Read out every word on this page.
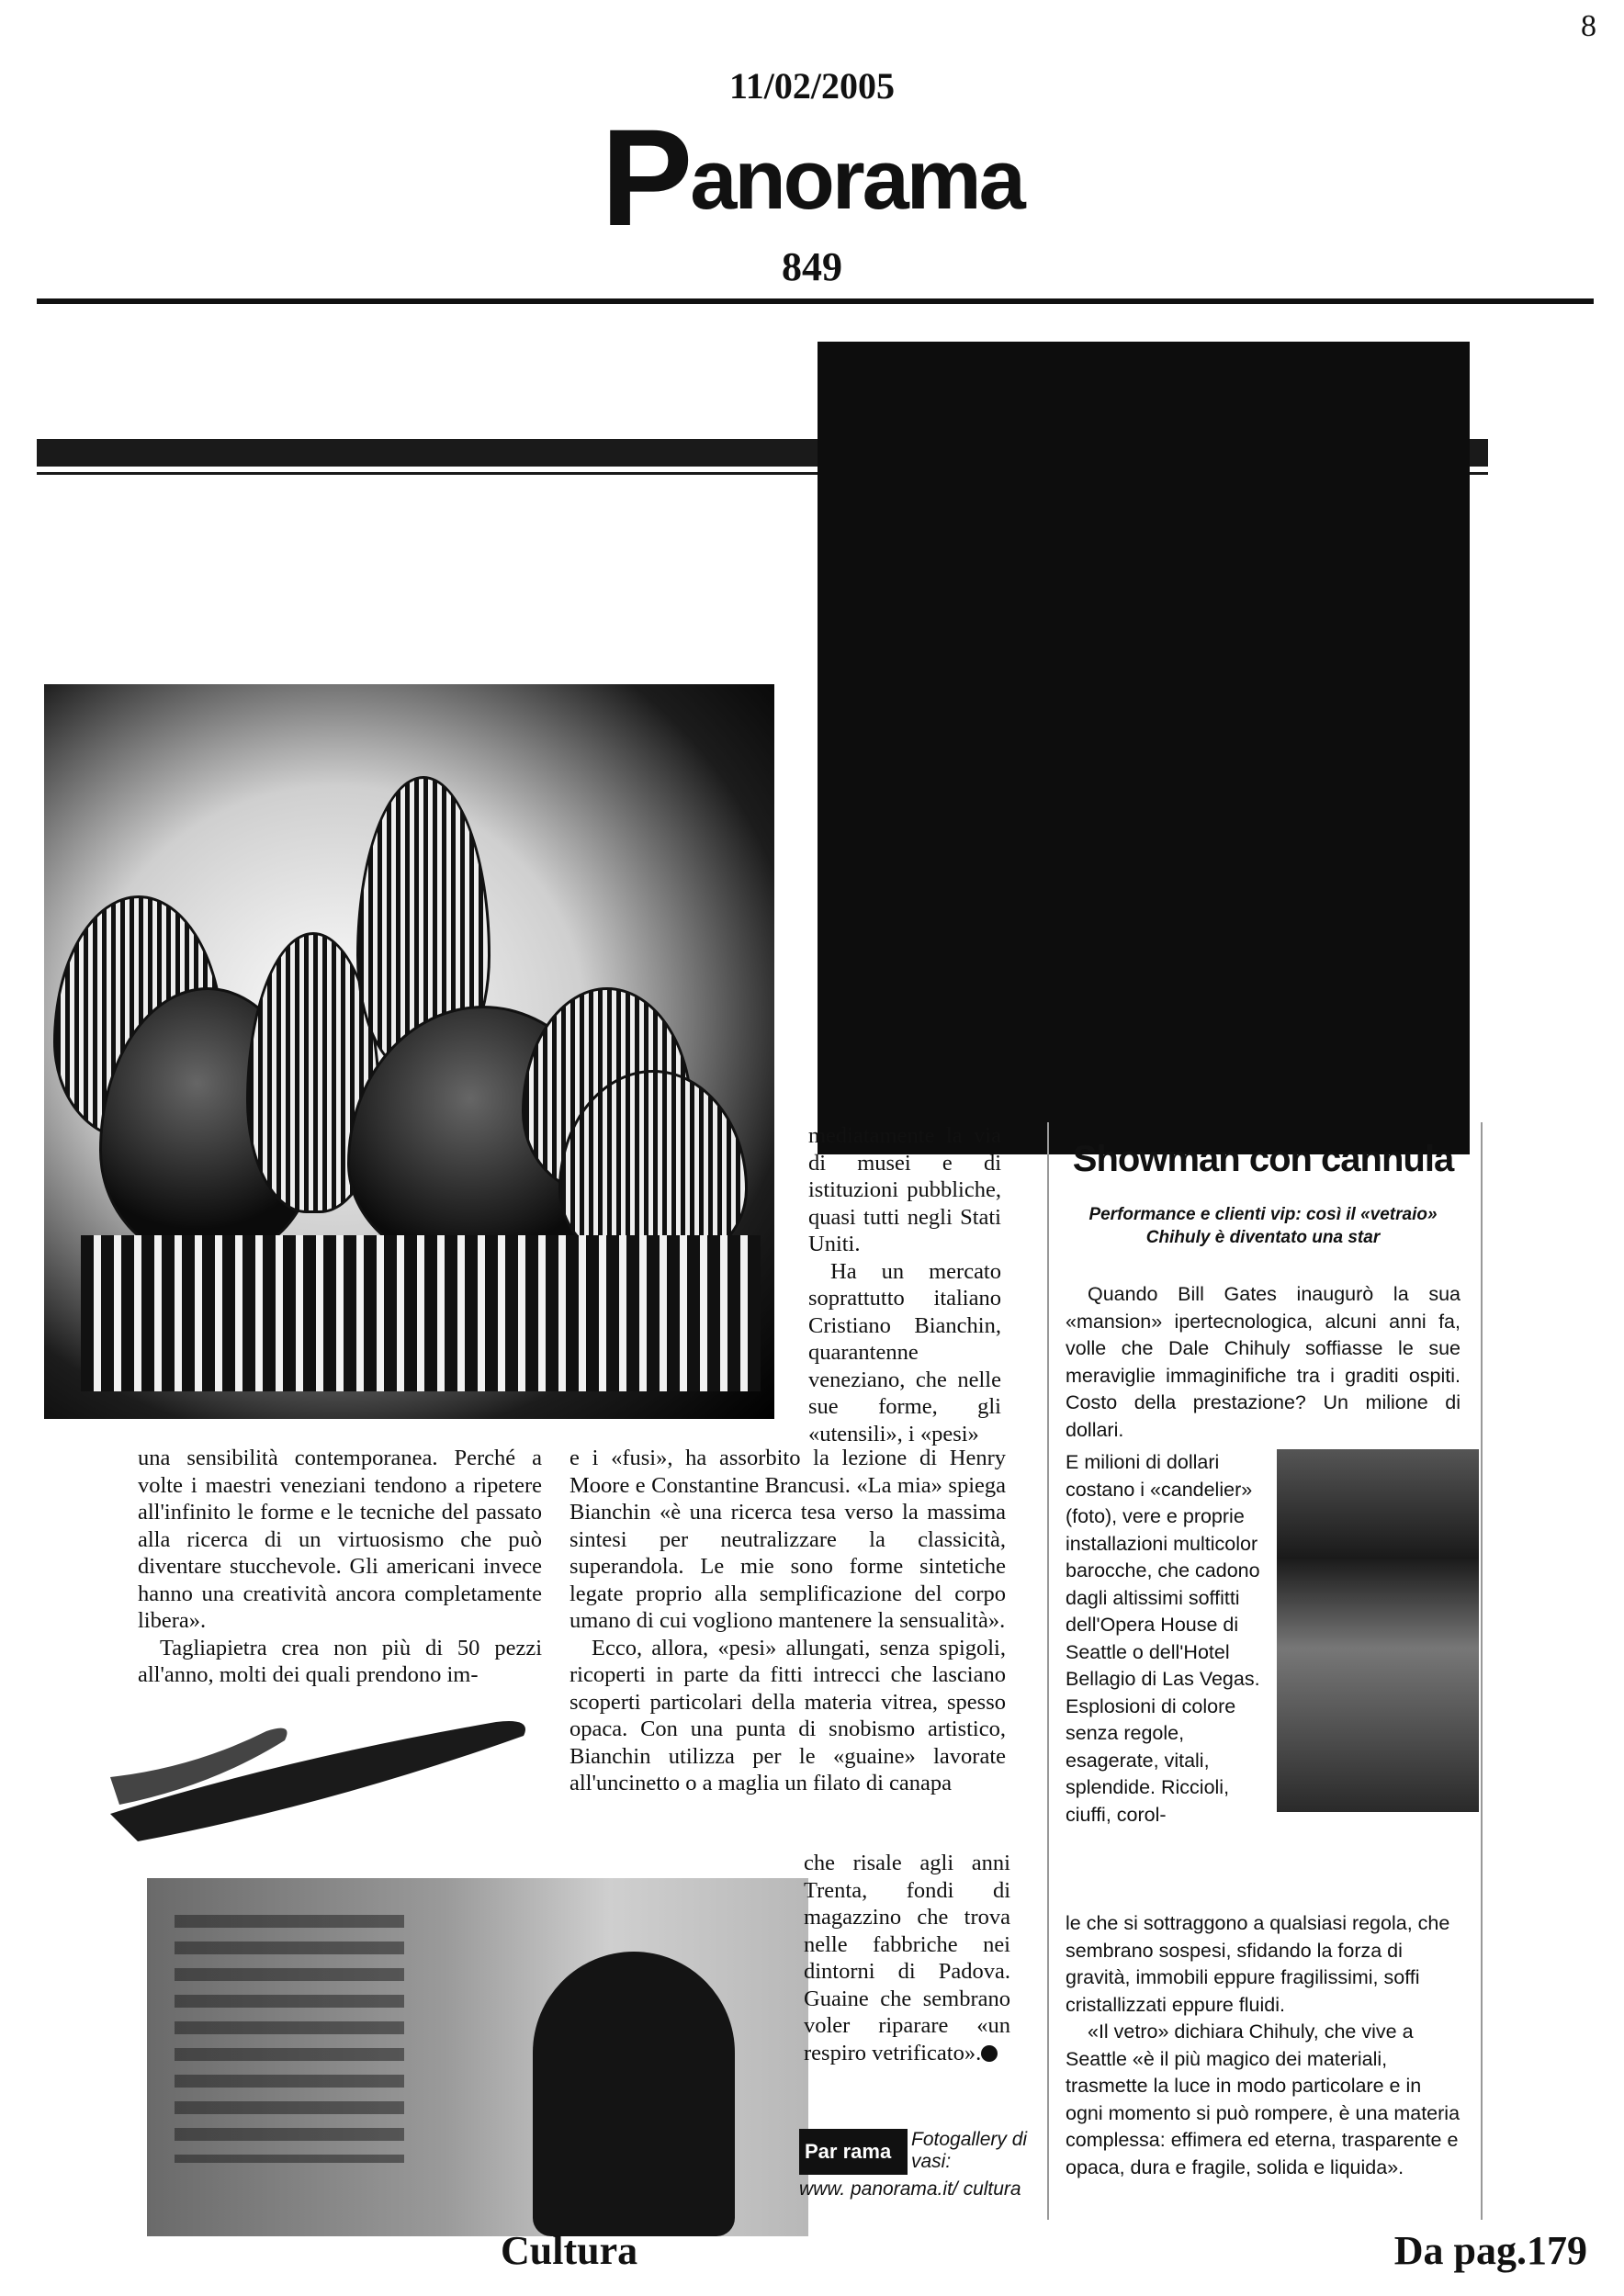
8
11/02/2005
Panorama
849

una sensibilità contemporanea. Perché a volte i maestri veneziani tendono a ripetere all'infinito le forme e le tecniche del passato alla ricerca di un virtuosismo che può diventare stucchevole. Gli americani invece hanno una creatività ancora completamente libera».

Tagliapietra crea non più di 50 pezzi all'anno, molti dei quali prendono im-

mediatamente la via di musei e di istituzioni pubbliche, quasi tutti negli Stati Uniti.

Ha un mercato soprattutto italiano Cristiano Bianchin, quarantenne veneziano, che nelle sue forme, gli «utensili», i «pesi»

e i «fusi», ha assorbito la lezione di Henry Moore e Constantine Brancusi. «La mia» spiega Bianchin «è una ricerca tesa verso la massima sintesi per neutralizzare la classicità, superandola. Le mie sono forme sintetiche legate proprio alla semplificazione del corpo umano di cui vogliono mantenere la sensualità».

Ecco, allora, «pesi» allungati, senza spigoli, ricoperti in parte da fitti intrecci che lasciano scoperti particolari della materia vitrea, spesso opaca. Con una punta di snobismo artistico, Bianchin utilizza per le «guaine» lavorate all'uncinetto o a maglia un filato di canapa

che risale agli anni Trenta, fondi di magazzino che trova nelle fabbriche nei dintorni di Padova. Guaine che sembrano voler riparare «un respiro vetrificato».

Par rama
Fotogallery di vasi:
www. panorama.it/ cultura
Showman con cannula
Performance e clienti vip: così il «vetraio» Chihuly è diventato una star

Quando Bill Gates inaugurò la sua «mansion» ipertecnologica, alcuni anni fa, volle che Dale Chihuly soffiasse le sue meraviglie immaginifiche tra i graditi ospiti. Costo della prestazione? Un milione di dollari.

E milioni di dollari costano i «candelier» (foto), vere e proprie installazioni multicolor barocche, che cadono dagli altissimi soffitti dell'Opera House di Seattle o dell'Hotel Bellagio di Las Vegas. Esplosioni di colore senza regole, esagerate, vitali, splendide. Riccioli, ciuffi, corol-

le che si sottraggono a qualsiasi regola, che sembrano sospesi, sfidando la forza di gravità, immobili eppure fragilissimi, soffi cristallizzati eppure fluidi.

«Il vetro» dichiara Chihuly, che vive a Seattle «è il più magico dei materiali, trasmette la luce in modo particolare e in ogni momento si può rompere, è una materia complessa: effimera ed eterna, trasparente e opaca, dura e fragile, solida e liquida».

Cultura	Da pag.179
